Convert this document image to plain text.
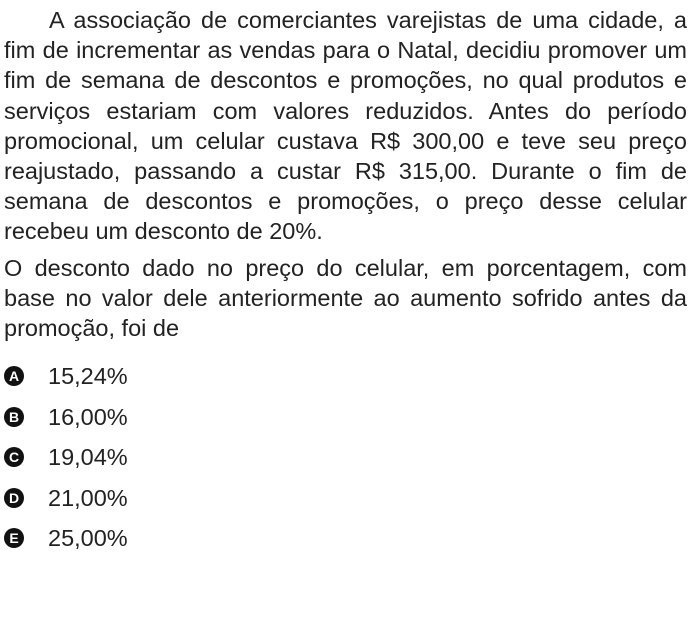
A associação de comerciantes varejistas de uma cidade, a fim de incrementar as vendas para o Natal, decidiu promover um fim de semana de descontos e promoções, no qual produtos e serviços estariam com valores reduzidos. Antes do período promocional, um celular custava R$ 300,00 e teve seu preço reajustado, passando a custar R$ 315,00. Durante o fim de semana de descontos e promoções, o preço desse celular recebeu um desconto de 20%.

O desconto dado no preço do celular, em porcentagem, com base no valor dele anteriormente ao aumento sofrido antes da promoção, foi de

A 15,24%
B 16,00%
C 19,04%
D 21,00%
E 25,00%
